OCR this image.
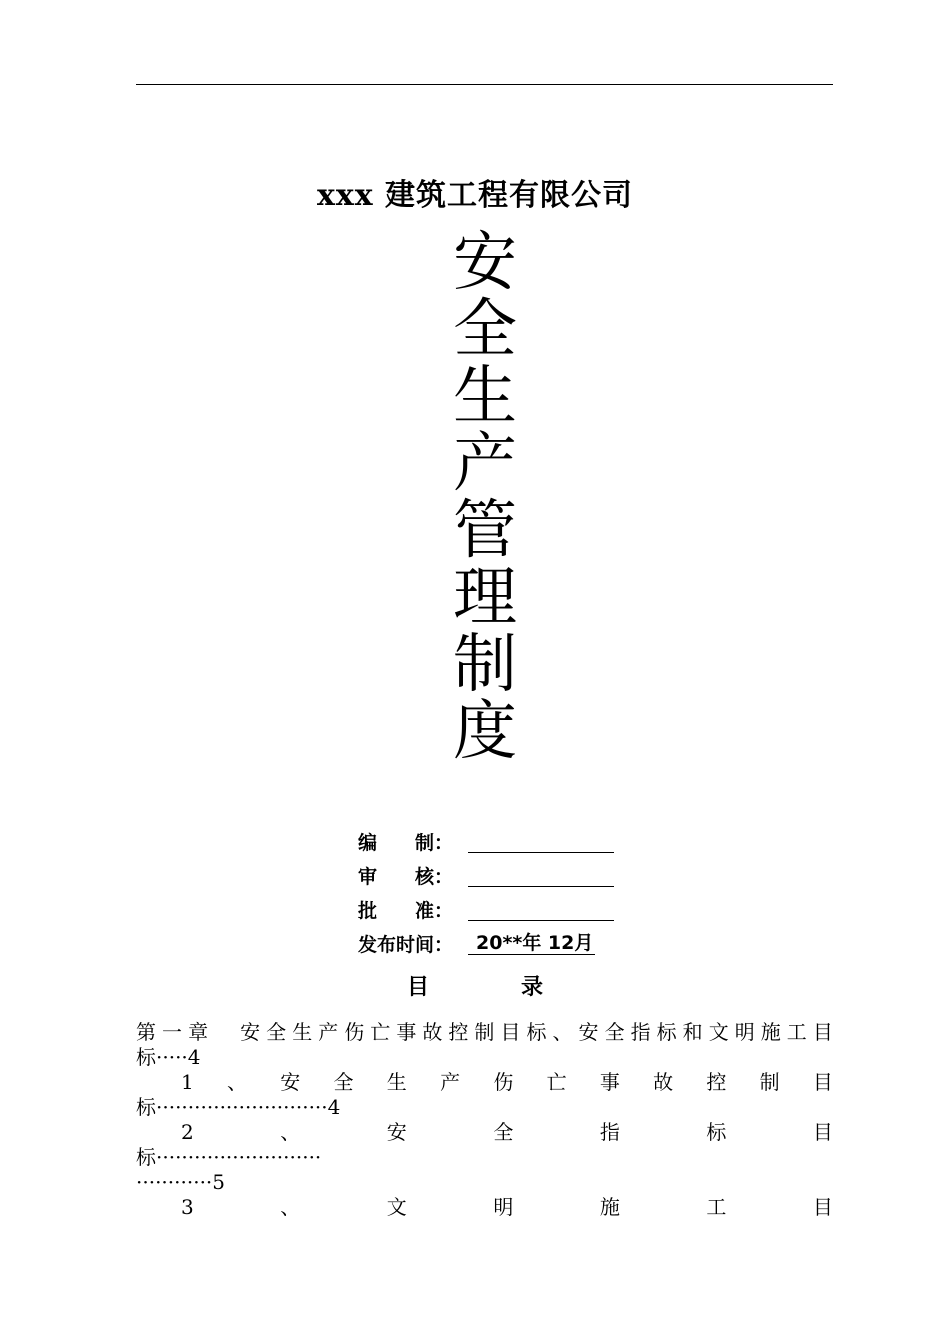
xxx 建筑工程有限公司
安
全
生
产
管
理
制
度
编　　制：
审　　核：
批　　准：
发布时间：	20**年 12月
目	录
第 一 章
　 安 全 生 产 伤 亡 事 故 控 制 目 标 、 安 全 指 标 和 文 明 施 工 目
标·····4
1 、 安 全 生 产 伤 亡 事 故 控 制 目
标···························4
2	、	安	全	指	标	目
标··························
············5
3	、	文	明	施	工	目
